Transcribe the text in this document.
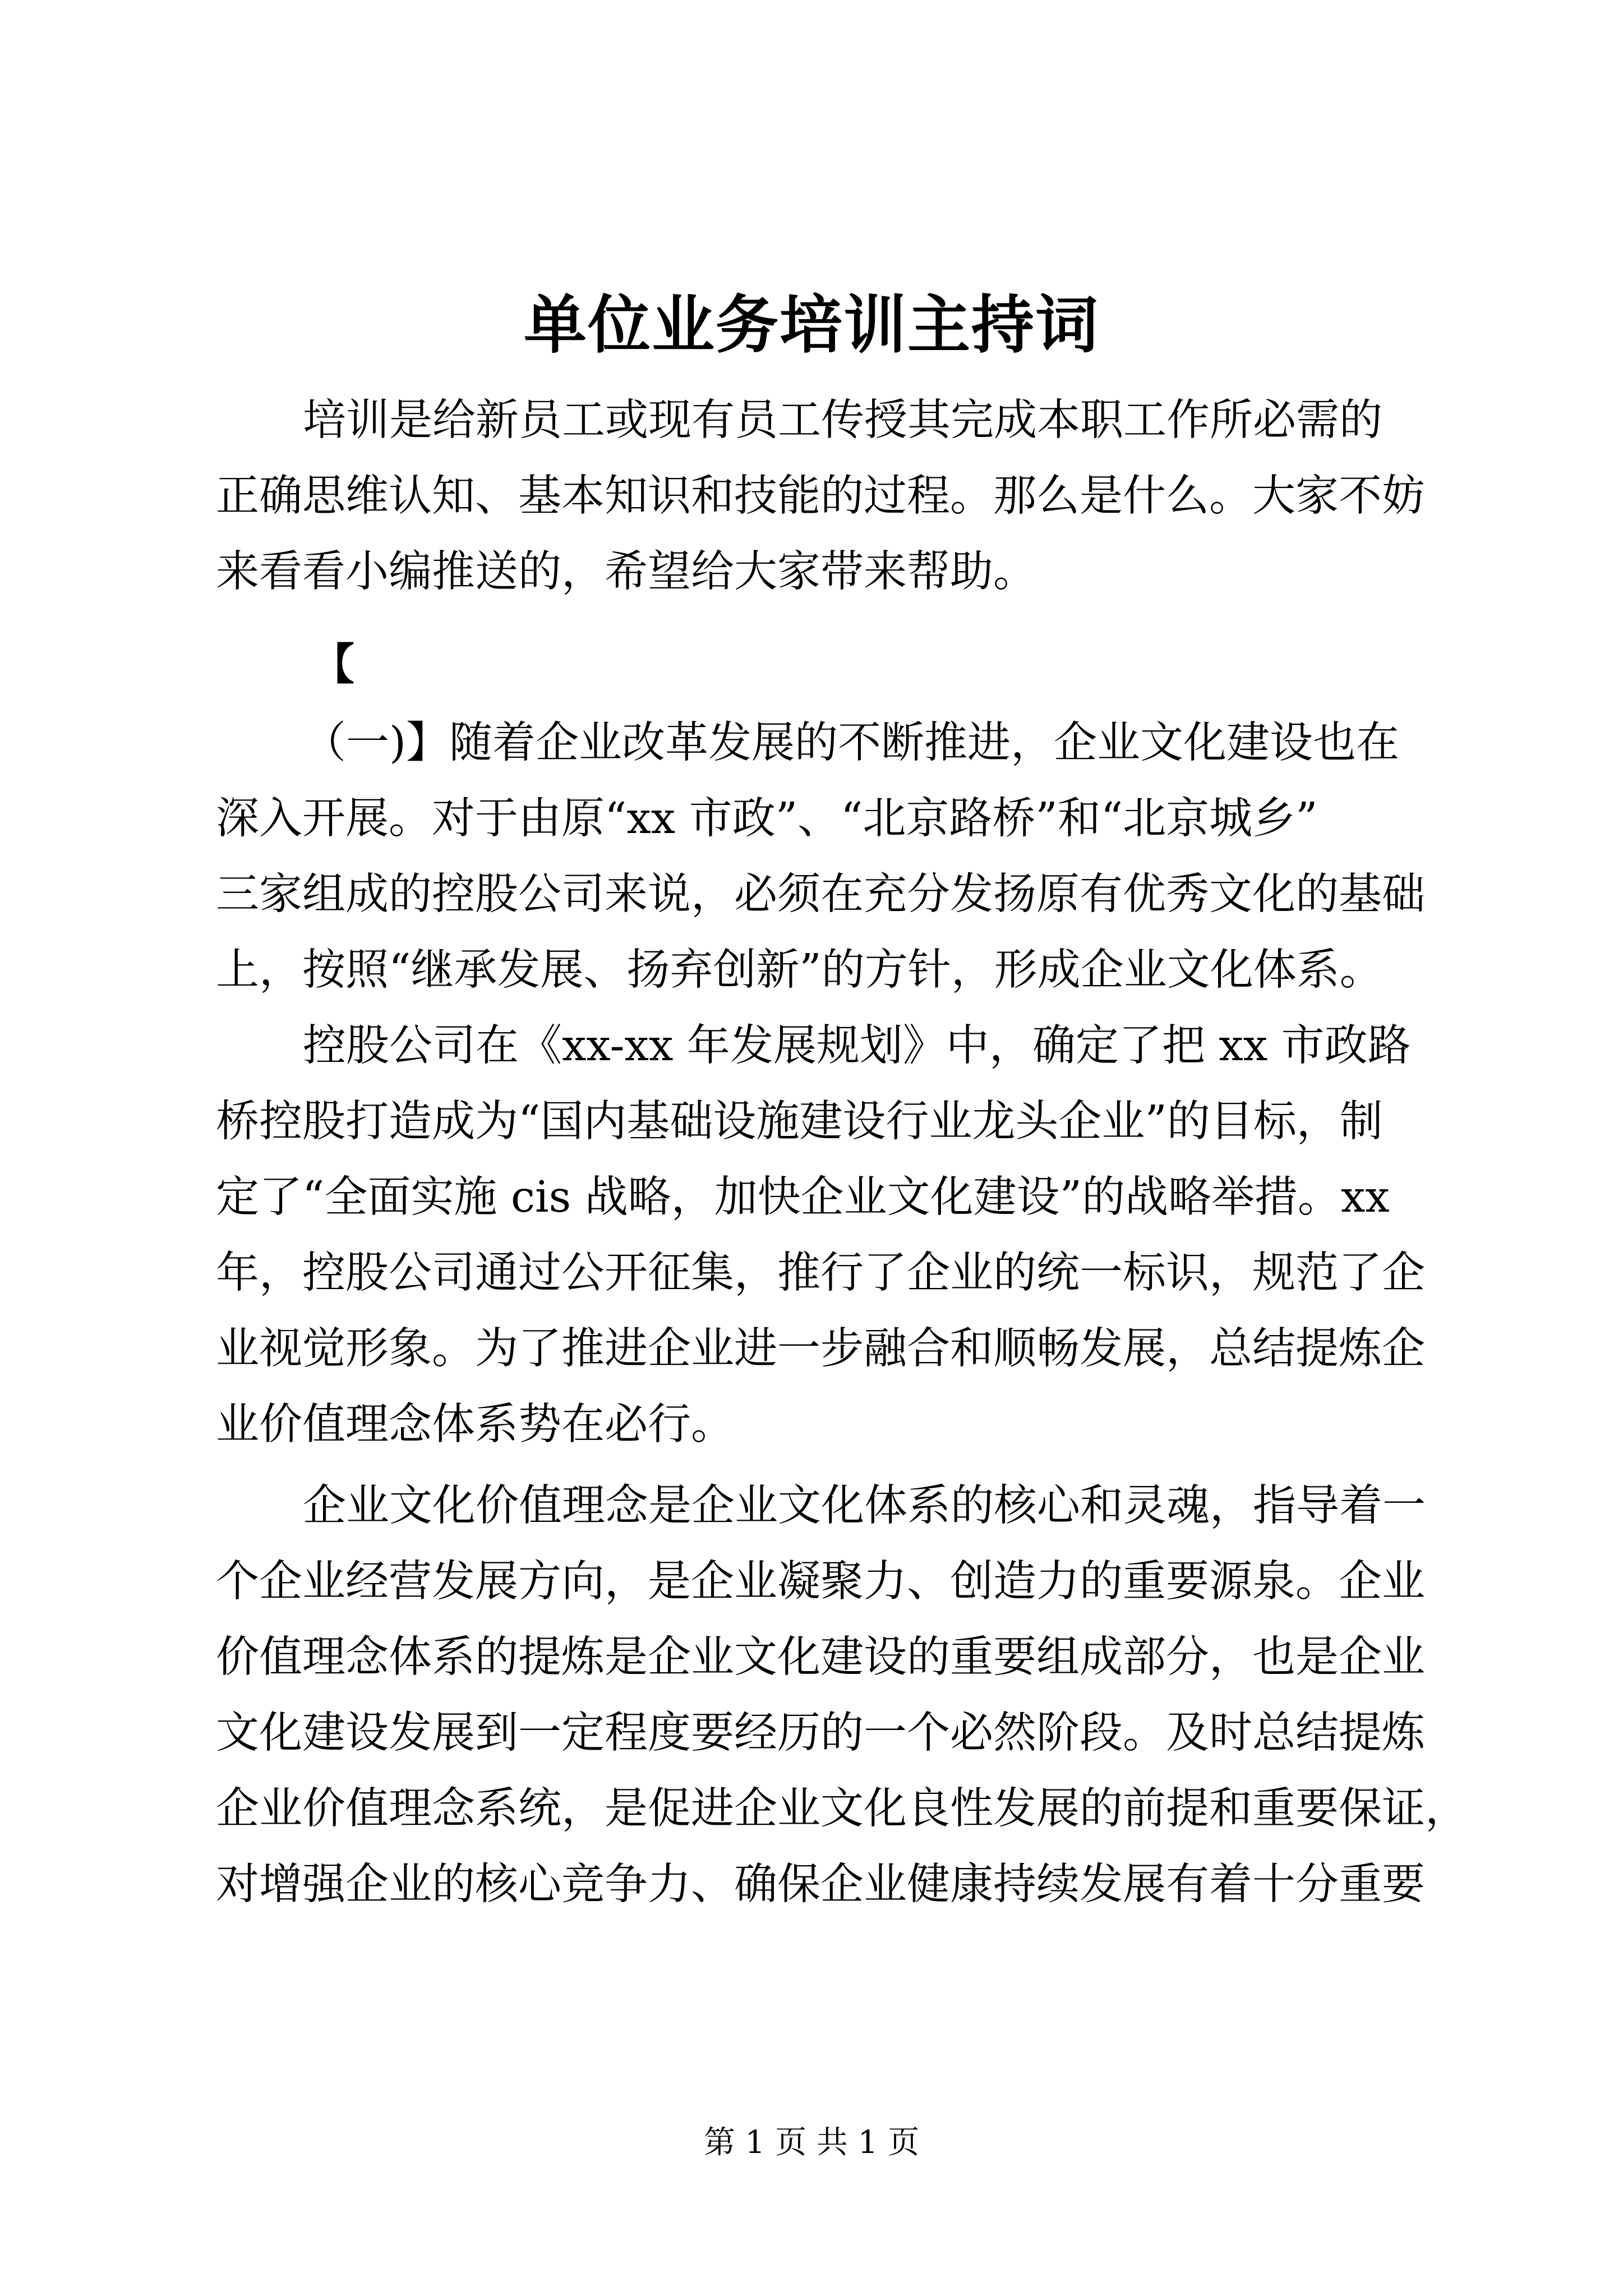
单位业务培训主持词

培训是给新员工或现有员工传授其完成本职工作所必需的

正确思维认知、基本知识和技能的过程。那么是什么。大家不妨

来看看小编推送的，希望给大家带来帮助。

【

（一)】随着企业改革发展的不断推进，企业文化建设也在

深入开展。对于由原“xx 市政”、“北京路桥”和“北京城乡”

三家组成的控股公司来说，必须在充分发扬原有优秀文化的基础

上，按照“继承发展、扬弃创新”的方针，形成企业文化体系。

控股公司在《xx-xx 年发展规划》中，确定了把 xx 市政路

桥控股打造成为“国内基础设施建设行业龙头企业”的目标，制

定了“全面实施 cis 战略，加快企业文化建设”的战略举措。xx

年，控股公司通过公开征集，推行了企业的统一标识，规范了企

业视觉形象。为了推进企业进一步融合和顺畅发展，总结提炼企

业价值理念体系势在必行。

企业文化价值理念是企业文化体系的核心和灵魂，指导着一

个企业经营发展方向，是企业凝聚力、创造力的重要源泉。企业

价值理念体系的提炼是企业文化建设的重要组成部分，也是企业

文化建设发展到一定程度要经历的一个必然阶段。及时总结提炼

企业价值理念系统，是促进企业文化良性发展的前提和重要保证，

对增强企业的核心竞争力、确保企业健康持续发展有着十分重要

第 1 页 共 1 页
